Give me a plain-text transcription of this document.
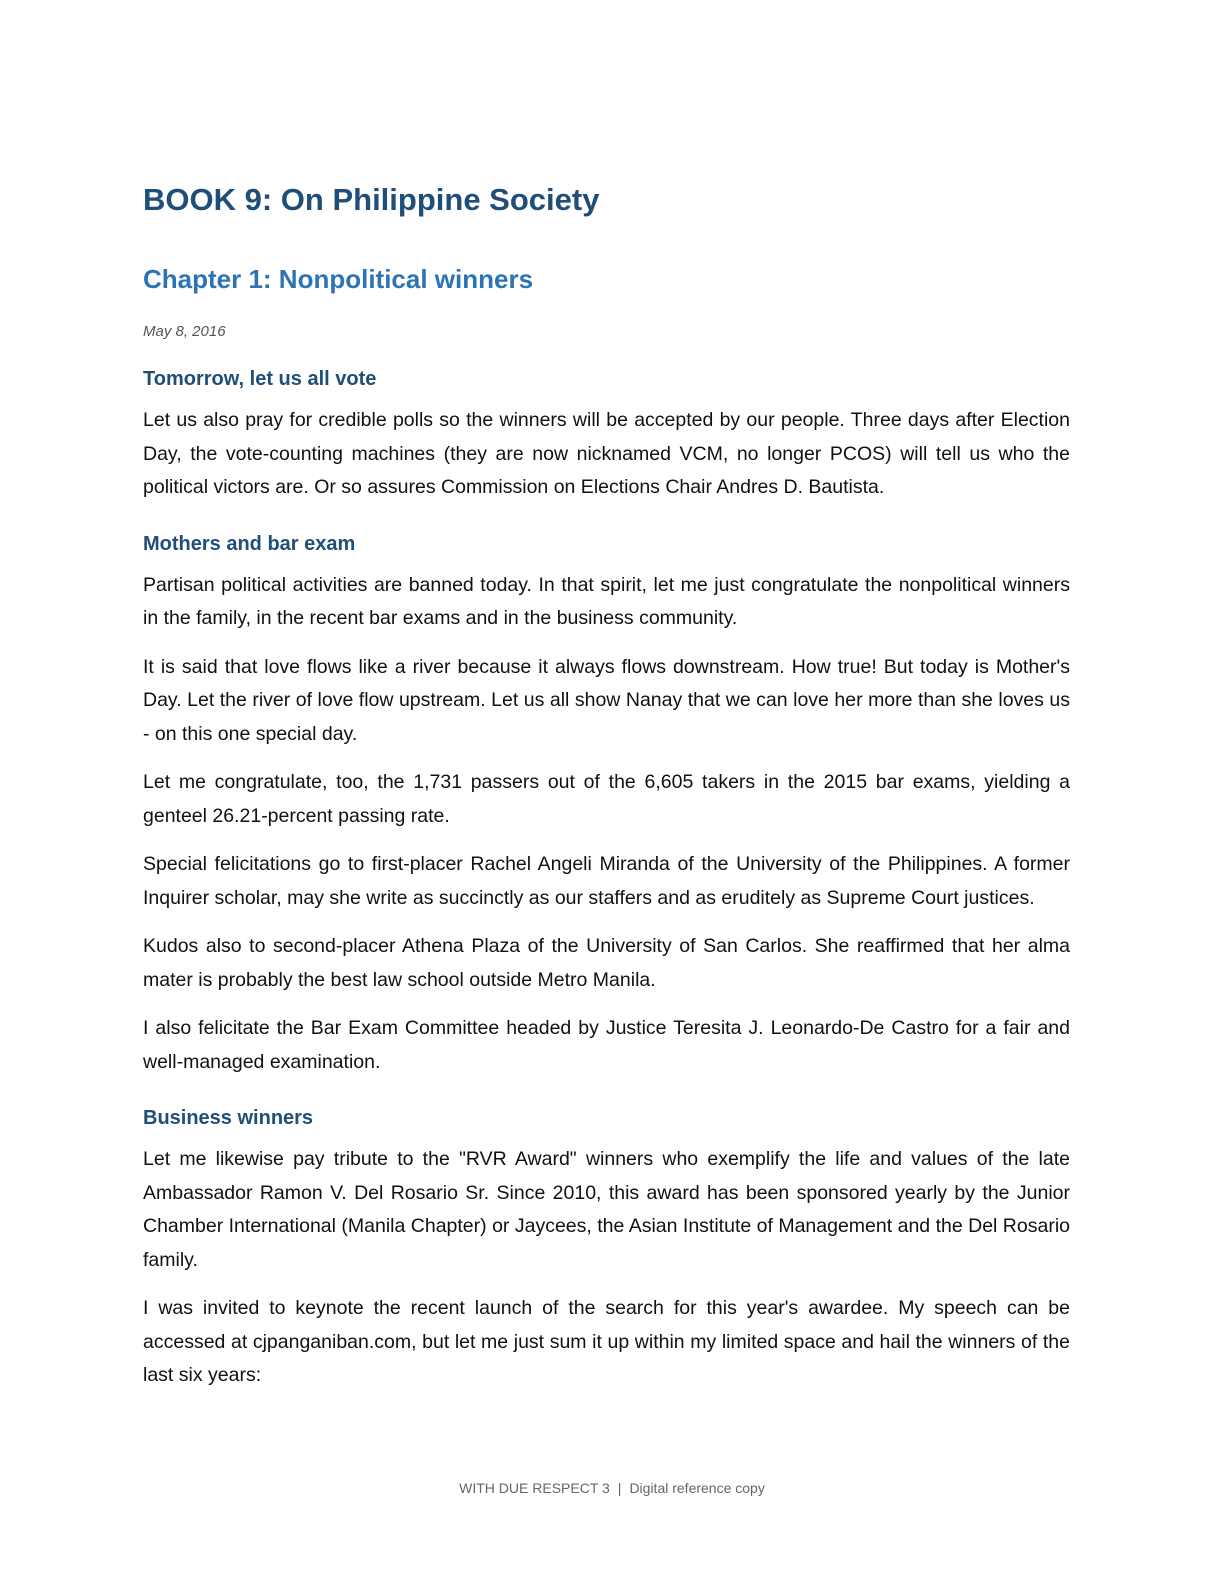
BOOK 9: On Philippine Society
Chapter 1: Nonpolitical winners

May 8, 2016

Tomorrow, let us all vote

Let us also pray for credible polls so the winners will be accepted by our people. Three days after Election Day, the vote-counting machines (they are now nicknamed VCM, no longer PCOS) will tell us who the political victors are. Or so assures Commission on Elections Chair Andres D. Bautista.

Mothers and bar exam

Partisan political activities are banned today. In that spirit, let me just congratulate the nonpolitical winners in the family, in the recent bar exams and in the business community.

It is said that love flows like a river because it always flows downstream. How true! But today is Mother's Day. Let the river of love flow upstream. Let us all show Nanay that we can love her more than she loves us - on this one special day.

Let me congratulate, too, the 1,731 passers out of the 6,605 takers in the 2015 bar exams, yielding a genteel 26.21-percent passing rate.

Special felicitations go to first-placer Rachel Angeli Miranda of the University of the Philippines. A former Inquirer scholar, may she write as succinctly as our staffers and as eruditely as Supreme Court justices.

Kudos also to second-placer Athena Plaza of the University of San Carlos. She reaffirmed that her alma mater is probably the best law school outside Metro Manila.

I also felicitate the Bar Exam Committee headed by Justice Teresita J. Leonardo-De Castro for a fair and well-managed examination.

Business winners

Let me likewise pay tribute to the "RVR Award" winners who exemplify the life and values of the late Ambassador Ramon V. Del Rosario Sr. Since 2010, this award has been sponsored yearly by the Junior Chamber International (Manila Chapter) or Jaycees, the Asian Institute of Management and the Del Rosario family.

I was invited to keynote the recent launch of the search for this year's awardee. My speech can be accessed at cjpanganiban.com, but let me just sum it up within my limited space and hail the winners of the last six years:

WITH DUE RESPECT 3 | Digital reference copy
